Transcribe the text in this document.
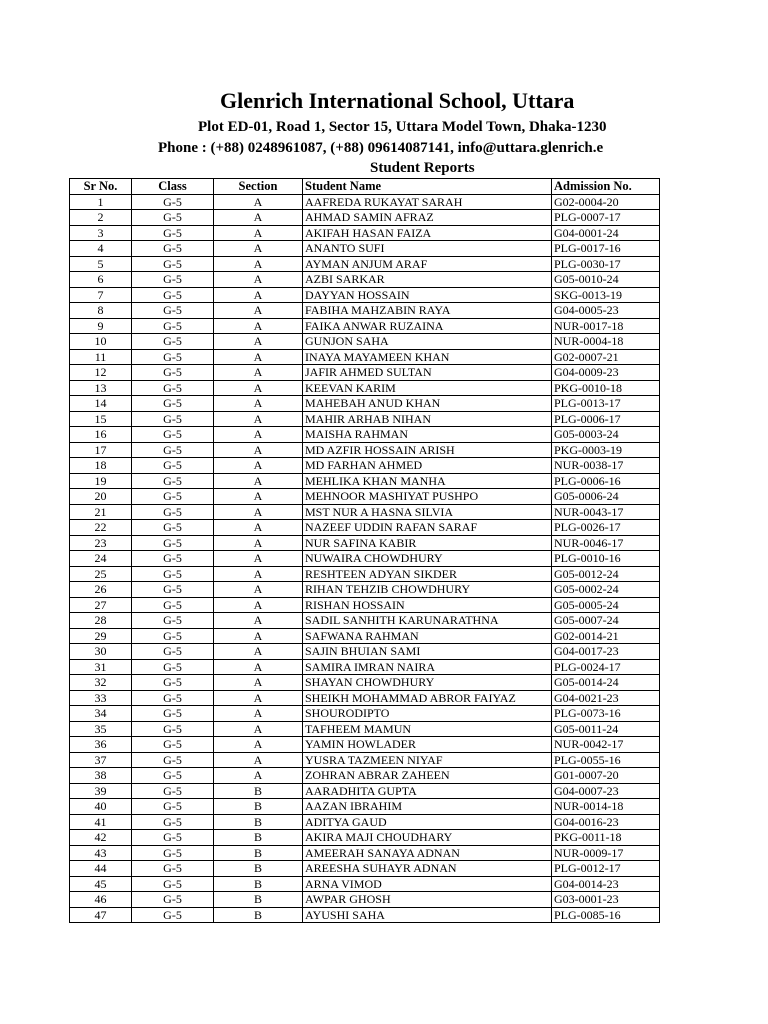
Glenrich International School, Uttara
Plot ED-01, Road 1, Sector 15, Uttara Model Town, Dhaka-1230
Phone : (+88) 0248961087, (+88) 09614087141, info@uttara.glenrich.e
Student Reports
Sr No.	Class	Section	Student Name	Admission No.
1	G-5	A	AAFREDA RUKAYAT SARAH	G02-0004-20
2	G-5	A	AHMAD SAMIN AFRAZ	PLG-0007-17
3	G-5	A	AKIFAH HASAN FAIZA	G04-0001-24
4	G-5	A	ANANTO SUFI	PLG-0017-16
5	G-5	A	AYMAN ANJUM ARAF	PLG-0030-17
6	G-5	A	AZBI SARKAR	G05-0010-24
7	G-5	A	DAYYAN HOSSAIN	SKG-0013-19
8	G-5	A	FABIHA MAHZABIN RAYA	G04-0005-23
9	G-5	A	FAIKA ANWAR RUZAINA	NUR-0017-18
10	G-5	A	GUNJON SAHA	NUR-0004-18
11	G-5	A	INAYA MAYAMEEN KHAN	G02-0007-21
12	G-5	A	JAFIR AHMED SULTAN	G04-0009-23
13	G-5	A	KEEVAN KARIM	PKG-0010-18
14	G-5	A	MAHEBAH ANUD KHAN	PLG-0013-17
15	G-5	A	MAHIR ARHAB NIHAN	PLG-0006-17
16	G-5	A	MAISHA RAHMAN	G05-0003-24
17	G-5	A	MD AZFIR HOSSAIN ARISH	PKG-0003-19
18	G-5	A	MD FARHAN AHMED	NUR-0038-17
19	G-5	A	MEHLIKA KHAN MANHA	PLG-0006-16
20	G-5	A	MEHNOOR MASHIYAT PUSHPO	G05-0006-24
21	G-5	A	MST NUR A HASNA SILVIA	NUR-0043-17
22	G-5	A	NAZEEF UDDIN RAFAN SARAF	PLG-0026-17
23	G-5	A	NUR SAFINA KABIR	NUR-0046-17
24	G-5	A	NUWAIRA CHOWDHURY	PLG-0010-16
25	G-5	A	RESHTEEN ADYAN SIKDER	G05-0012-24
26	G-5	A	RIHAN TEHZIB CHOWDHURY	G05-0002-24
27	G-5	A	RISHAN HOSSAIN	G05-0005-24
28	G-5	A	SADIL SANHITH KARUNARATHNA	G05-0007-24
29	G-5	A	SAFWANA RAHMAN	G02-0014-21
30	G-5	A	SAJIN BHUIAN SAMI	G04-0017-23
31	G-5	A	SAMIRA IMRAN NAIRA	PLG-0024-17
32	G-5	A	SHAYAN CHOWDHURY	G05-0014-24
33	G-5	A	SHEIKH MOHAMMAD ABROR FAIYAZ	G04-0021-23
34	G-5	A	SHOURODIPTO	PLG-0073-16
35	G-5	A	TAFHEEM MAMUN	G05-0011-24
36	G-5	A	YAMIN HOWLADER	NUR-0042-17
37	G-5	A	YUSRA TAZMEEN NIYAF	PLG-0055-16
38	G-5	A	ZOHRAN ABRAR ZAHEEN	G01-0007-20
39	G-5	B	AARADHITA GUPTA	G04-0007-23
40	G-5	B	AAZAN IBRAHIM	NUR-0014-18
41	G-5	B	ADITYA GAUD	G04-0016-23
42	G-5	B	AKIRA MAJI CHOUDHARY	PKG-0011-18
43	G-5	B	AMEERAH SANAYA ADNAN	NUR-0009-17
44	G-5	B	AREESHA SUHAYR ADNAN	PLG-0012-17
45	G-5	B	ARNA VIMOD	G04-0014-23
46	G-5	B	AWPAR GHOSH	G03-0001-23
47	G-5	B	AYUSHI SAHA	PLG-0085-16
